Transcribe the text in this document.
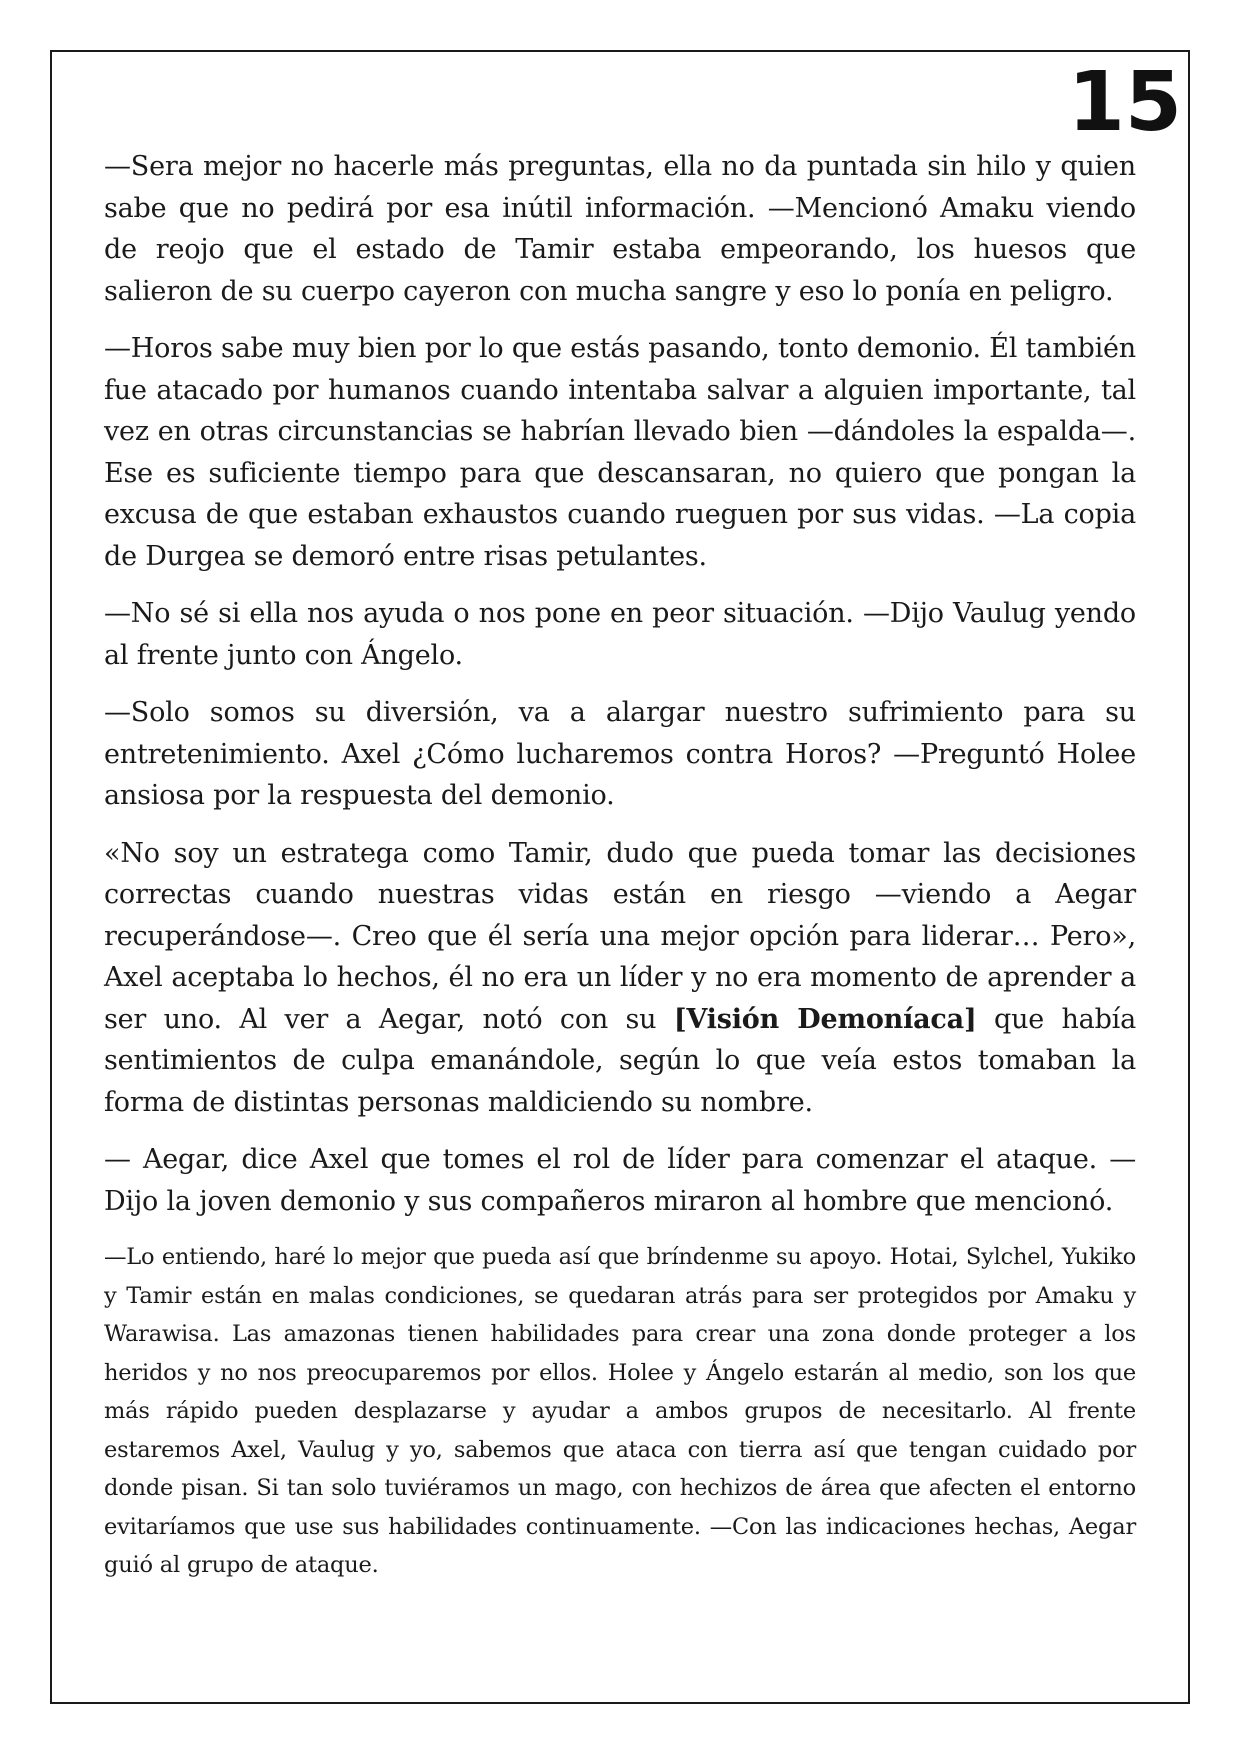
15

—Sera mejor no hacerle más preguntas, ella no da puntada sin hilo y quien sabe que no pedirá por esa inútil información. —Mencionó Amaku viendo de reojo que el estado de Tamir estaba empeorando, los huesos que salieron de su cuerpo cayeron con mucha sangre y eso lo ponía en peligro.

—Horos sabe muy bien por lo que estás pasando, tonto demonio. Él también fue atacado por humanos cuando intentaba salvar a alguien importante, tal vez en otras circunstancias se habrían llevado bien —dándoles la espalda—. Ese es suficiente tiempo para que descansaran, no quiero que pongan la excusa de que estaban exhaustos cuando rueguen por sus vidas. —La copia de Durgea se demoró entre risas petulantes.

—No sé si ella nos ayuda o nos pone en peor situación. —Dijo Vaulug yendo al frente junto con Ángelo.

—Solo somos su diversión, va a alargar nuestro sufrimiento para su entretenimiento. Axel ¿Cómo lucharemos contra Horos? —Preguntó Holee ansiosa por la respuesta del demonio.

«No soy un estratega como Tamir, dudo que pueda tomar las decisiones correctas cuando nuestras vidas están en riesgo —viendo a Aegar recuperándose—. Creo que él sería una mejor opción para liderar… Pero», Axel aceptaba lo hechos, él no era un líder y no era momento de aprender a ser uno. Al ver a Aegar, notó con su [Visión Demoníaca] que había sentimientos de culpa emanándole, según lo que veía estos tomaban la forma de distintas personas maldiciendo su nombre.

— Aegar, dice Axel que tomes el rol de líder para comenzar el ataque. —Dijo la joven demonio y sus compañeros miraron al hombre que mencionó.

—Lo entiendo, haré lo mejor que pueda así que bríndenme su apoyo. Hotai, Sylchel, Yukiko y Tamir están en malas condiciones, se quedaran atrás para ser protegidos por Amaku y Warawisa. Las amazonas tienen habilidades para crear una zona donde proteger a los heridos y no nos preocuparemos por ellos. Holee y Ángelo estarán al medio, son los que más rápido pueden desplazarse y ayudar a ambos grupos de necesitarlo. Al frente estaremos Axel, Vaulug y yo, sabemos que ataca con tierra así que tengan cuidado por donde pisan. Si tan solo tuviéramos un mago, con hechizos de área que afecten el entorno evitaríamos que use sus habilidades continuamente. —Con las indicaciones hechas, Aegar guió al grupo de ataque.
